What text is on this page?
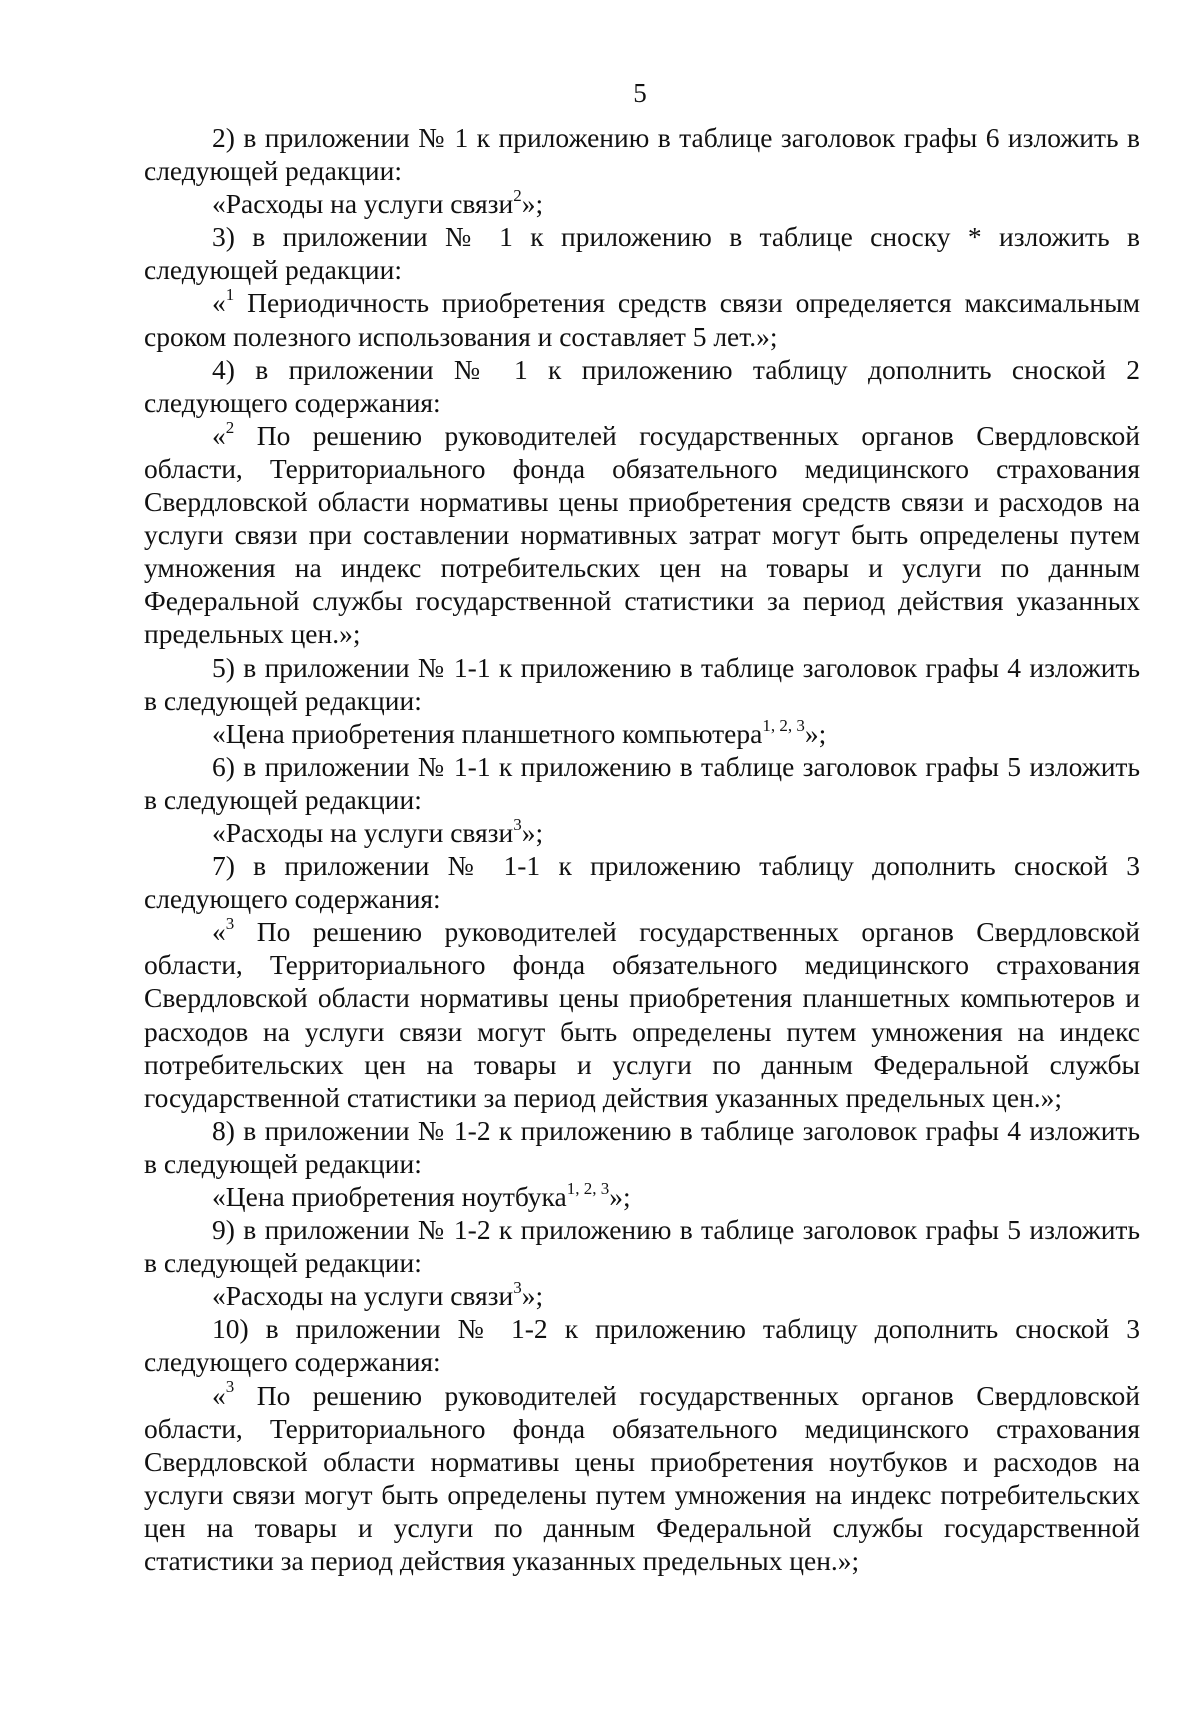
5

2) в приложении № 1 к приложению в таблице заголовок графы 6 изложить в следующей редакции:

«Расходы на услуги связи$^2$»;

3) в приложении № 1 к приложению в таблице сноску * изложить в следующей редакции:

«$^1$ Периодичность приобретения средств связи определяется максимальным сроком полезного использования и составляет 5 лет.»;

4) в приложении № 1 к приложению таблицу дополнить сноской 2 следующего содержания:

«$^2$ По решению руководителей государственных органов Свердловской области, Территориального фонда обязательного медицинского страхования Свердловской области нормативы цены приобретения средств связи и расходов на услуги связи при составлении нормативных затрат могут быть определены путем умножения на индекс потребительских цен на товары и услуги по данным Федеральной службы государственной статистики за период действия указанных предельных цен.»;

5) в приложении № 1-1 к приложению в таблице заголовок графы 4 изложить в следующей редакции:

«Цена приобретения планшетного компьютера$^{1, 2, 3}$»;

6) в приложении № 1-1 к приложению в таблице заголовок графы 5 изложить в следующей редакции:

«Расходы на услуги связи$^3$»;

7) в приложении № 1-1 к приложению таблицу дополнить сноской 3 следующего содержания:

«$^3$ По решению руководителей государственных органов Свердловской области, Территориального фонда обязательного медицинского страхования Свердловской области нормативы цены приобретения планшетных компьютеров и расходов на услуги связи могут быть определены путем умножения на индекс потребительских цен на товары и услуги по данным Федеральной службы государственной статистики за период действия указанных предельных цен.»;

8) в приложении № 1-2 к приложению в таблице заголовок графы 4 изложить в следующей редакции:

«Цена приобретения ноутбука$^{1, 2, 3}$»;

9) в приложении № 1-2 к приложению в таблице заголовок графы 5 изложить в следующей редакции:

«Расходы на услуги связи$^3$»;

10) в приложении № 1-2 к приложению таблицу дополнить сноской 3 следующего содержания:

«$^3$ По решению руководителей государственных органов Свердловской области, Территориального фонда обязательного медицинского страхования Свердловской области нормативы цены приобретения ноутбуков и расходов на услуги связи могут быть определены путем умножения на индекс потребительских цен на товары и услуги по данным Федеральной службы государственной статистики за период действия указанных предельных цен.»;
